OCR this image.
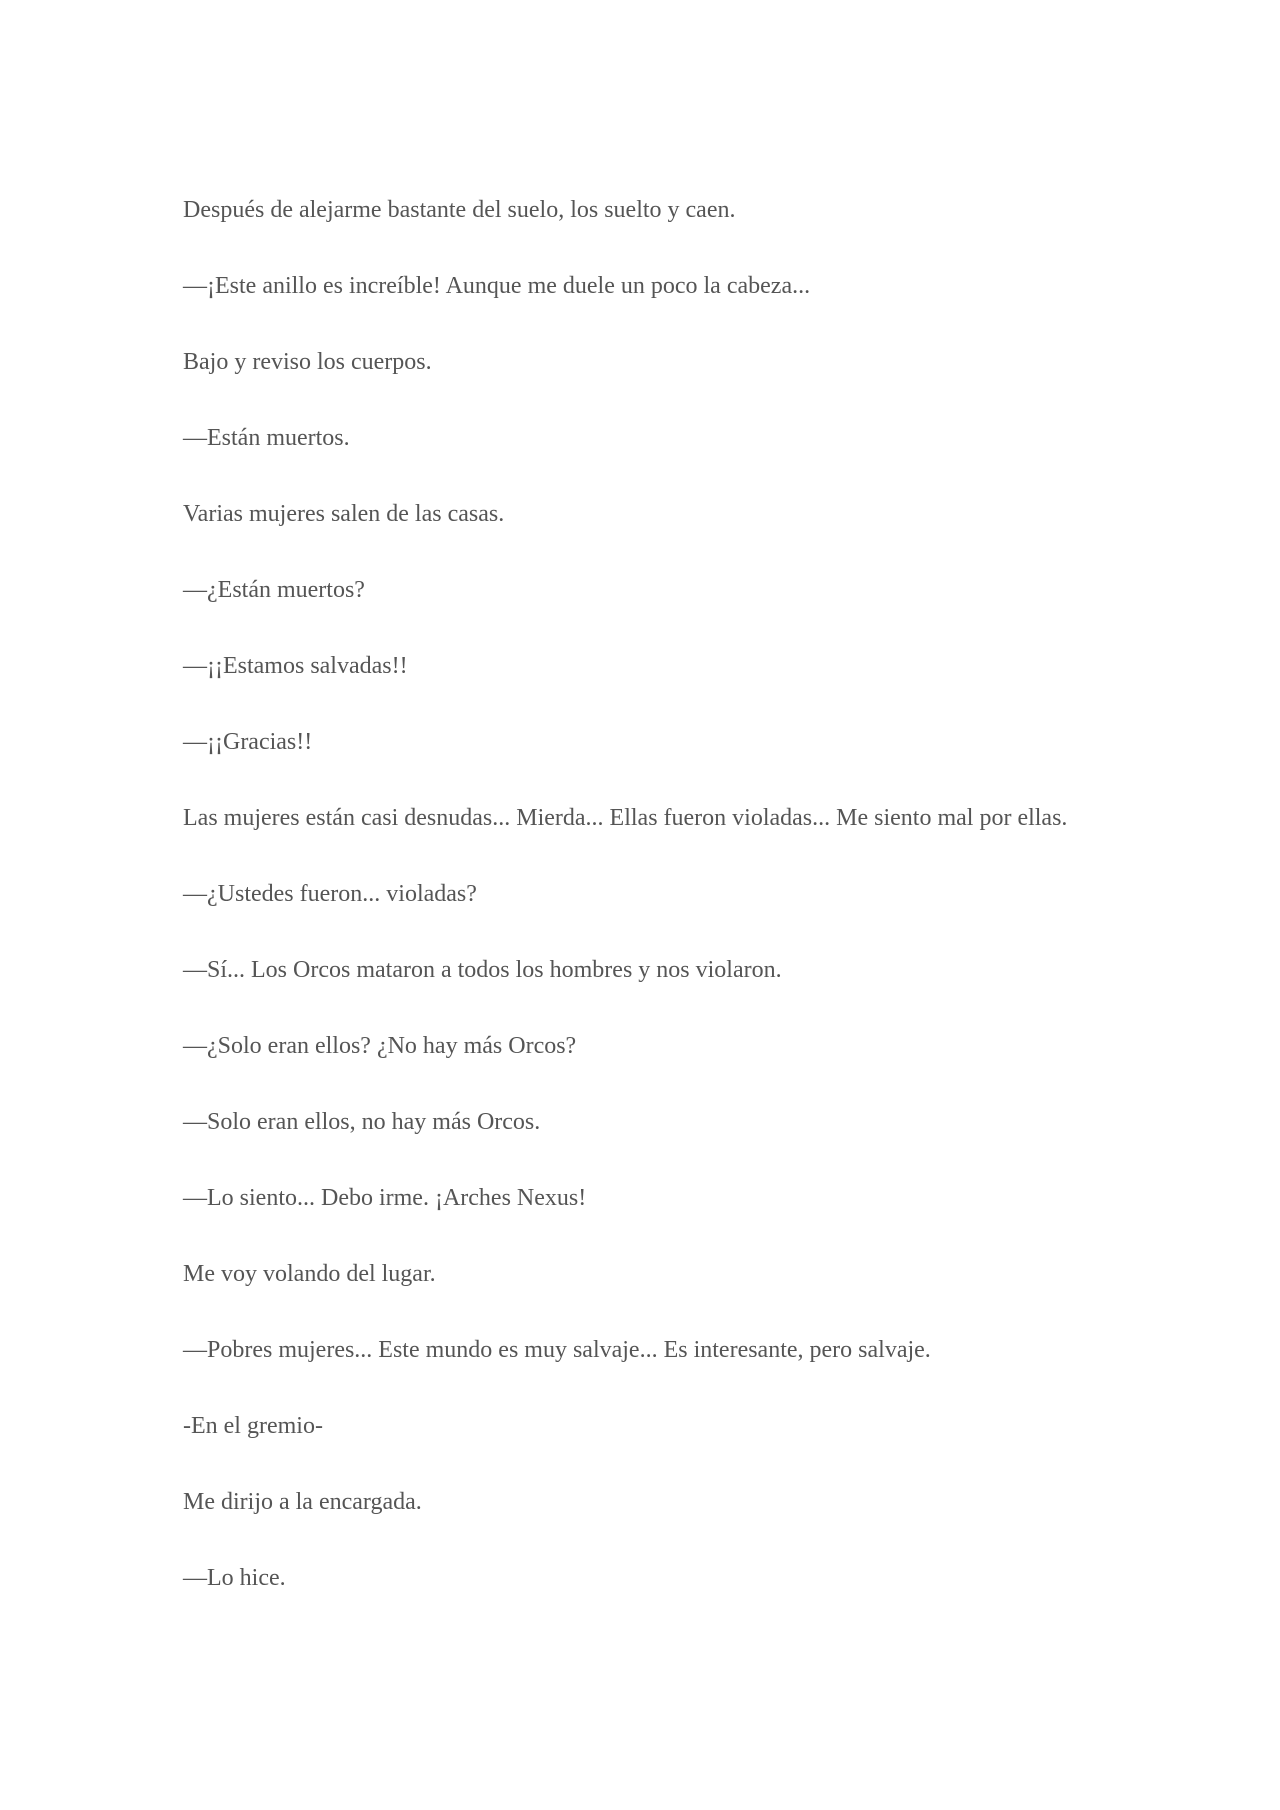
Después de alejarme bastante del suelo, los suelto y caen.

—¡Este anillo es increíble! Aunque me duele un poco la cabeza...

Bajo y reviso los cuerpos.

—Están muertos.

Varias mujeres salen de las casas.

—¿Están muertos?

—¡¡Estamos salvadas!!

—¡¡Gracias!!

Las mujeres están casi desnudas... Mierda... Ellas fueron violadas... Me siento mal por ellas.

—¿Ustedes fueron... violadas?

—Sí... Los Orcos mataron a todos los hombres y nos violaron.

—¿Solo eran ellos? ¿No hay más Orcos?

—Solo eran ellos, no hay más Orcos.

—Lo siento... Debo irme. ¡Arches Nexus!

Me voy volando del lugar.

—Pobres mujeres... Este mundo es muy salvaje... Es interesante, pero salvaje.

-En el gremio-

Me dirijo a la encargada.

—Lo hice.
